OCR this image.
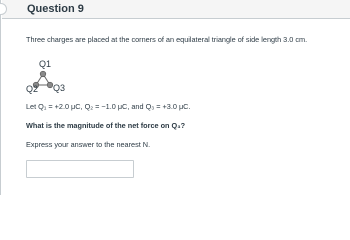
Question 9
Three charges are placed at the corners of an equilateral triangle of side length 3.0 cm.
Q1
Q2 Q3
Let Q₁ = +2.0 μC, Q₂ = −1.0 μC, and Q₃ = +3.0 μC.
What is the magnitude of the net force on Q₃?
Express your answer to the nearest N.
